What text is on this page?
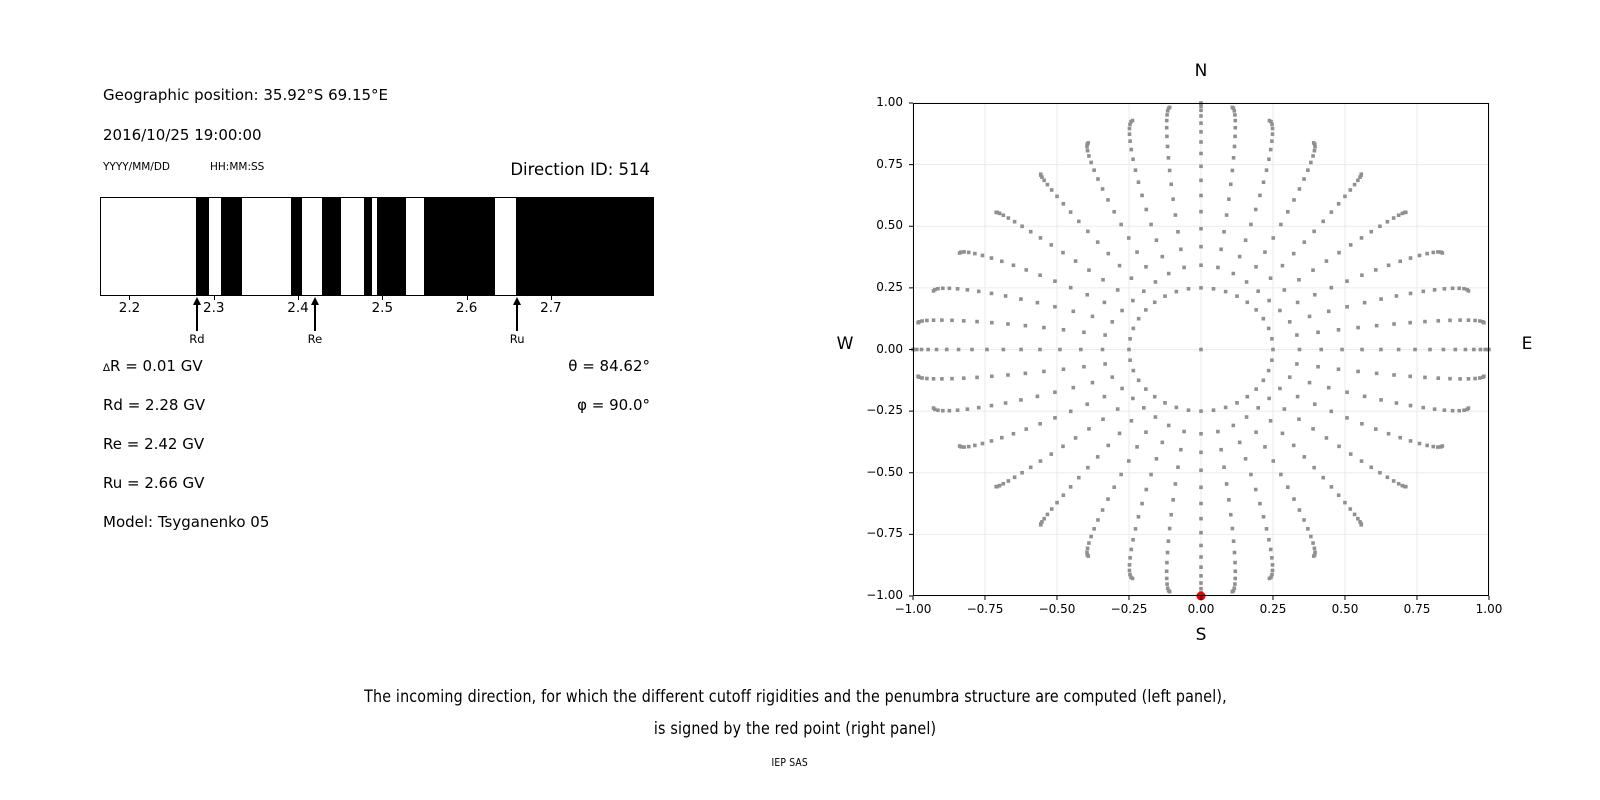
Geographic position: 35.92°S 69.15°E
2016/10/25 19:00:00
YYYY/MM/DD	HH:MM:SS	Direction ID: 514
2.2	2.3	2.4	2.5	2.6	2.7
Rd	Re	Ru
∆R = 0.01 GV
Rd = 2.28 GV
Re = 2.42 GV
Ru = 2.66 GV
Model: Tsyganenko 05
θ = 84.62°
φ = 90.0°
N
S
W	E
−1.00
1.00
−0.75
0.75
−0.50
0.50
−0.25
0.25
0.00
0.00
0.25
−0.25
0.50
−0.50
0.75
−0.75
1.00
−1.00
The incoming direction, for which the different cutoff rigidities and the penumbra structure are computed (left panel),
is signed by the red point (right panel)
IEP SAS
